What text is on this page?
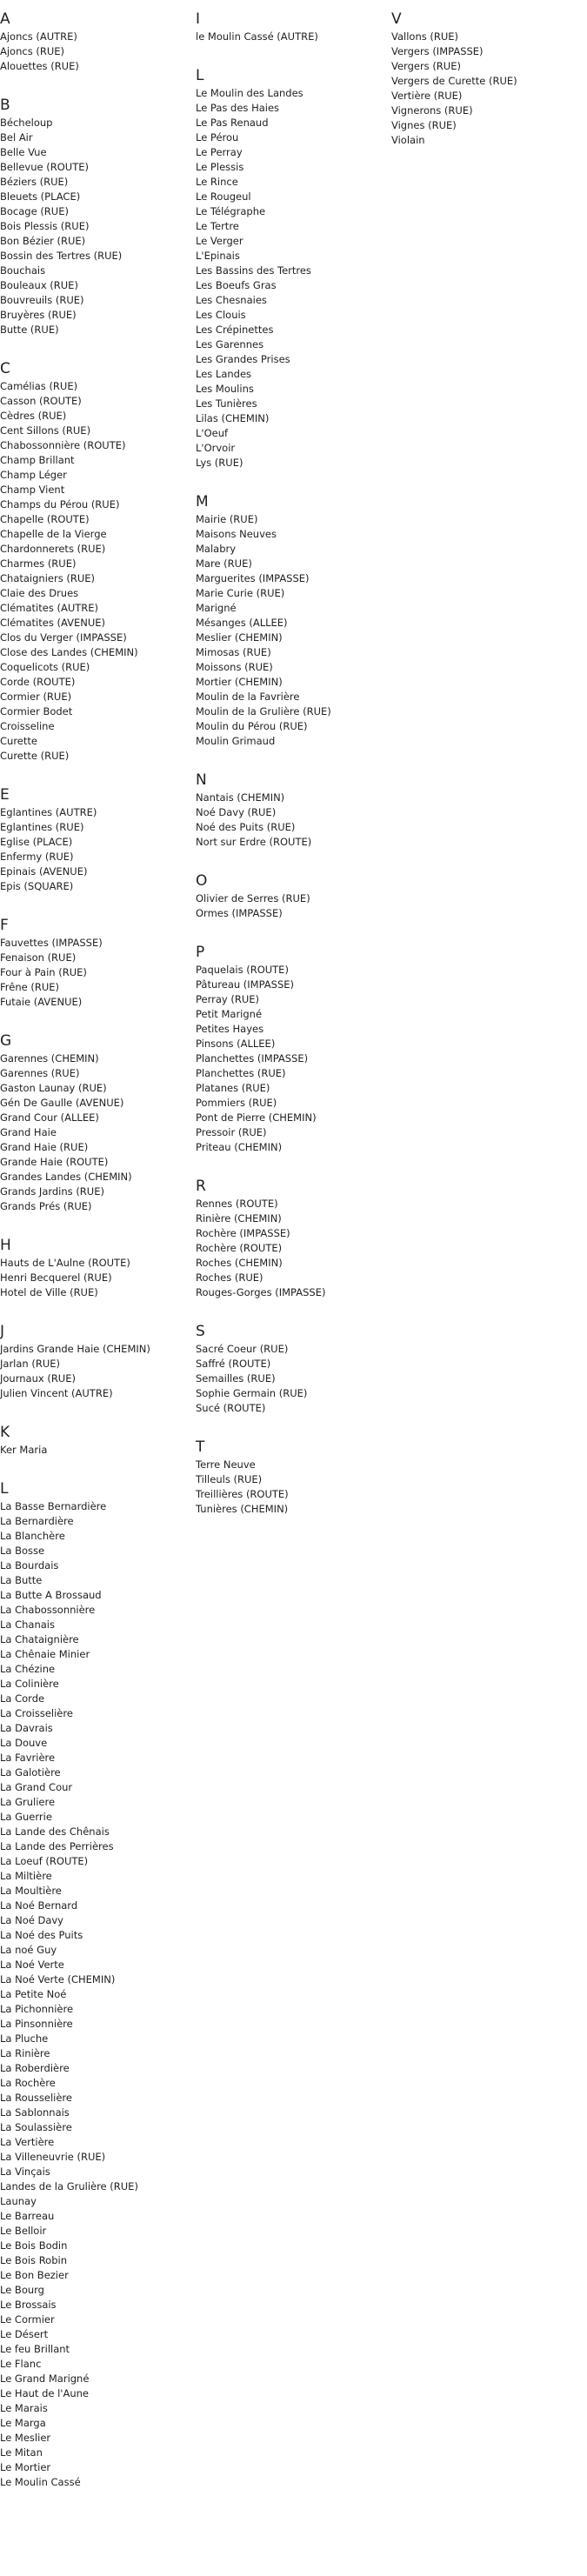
A
Ajoncs (AUTRE)
Ajoncs (RUE)
Alouettes (RUE)
B
Bécheloup
Bel Air
Belle Vue
Bellevue (ROUTE)
Béziers (RUE)
Bleuets (PLACE)
Bocage (RUE)
Bois Plessis (RUE)
Bon Bézier (RUE)
Bossin des Tertres (RUE)
Bouchais
Bouleaux (RUE)
Bouvreuils (RUE)
Bruyères (RUE)
Butte (RUE)
C
Camélias (RUE)
Casson (ROUTE)
Cèdres (RUE)
Cent Sillons (RUE)
Chabossonnière (ROUTE)
Champ Brillant
Champ Léger
Champ Vient
Champs du Pérou (RUE)
Chapelle (ROUTE)
Chapelle de la Vierge
Chardonnerets (RUE)
Charmes (RUE)
Chataigniers (RUE)
Claie des Drues
Clématites (AUTRE)
Clématites (AVENUE)
Clos du Verger (IMPASSE)
Close des Landes (CHEMIN)
Coquelicots (RUE)
Corde (ROUTE)
Cormier (RUE)
Cormier Bodet
Croisseline
Curette
Curette (RUE)
E
Eglantines (AUTRE)
Eglantines (RUE)
Eglise (PLACE)
Enfermy (RUE)
Epinais (AVENUE)
Epis (SQUARE)
F
Fauvettes (IMPASSE)
Fenaison (RUE)
Four à Pain (RUE)
Frêne (RUE)
Futaie (AVENUE)
G
Garennes (CHEMIN)
Garennes (RUE)
Gaston Launay (RUE)
Gén De Gaulle (AVENUE)
Grand Cour (ALLEE)
Grand Haie
Grand Haie (RUE)
Grande Haie (ROUTE)
Grandes Landes (CHEMIN)
Grands Jardins (RUE)
Grands Prés (RUE)
H
Hauts de L'Aulne (ROUTE)
Henri Becquerel (RUE)
Hotel de Ville (RUE)
J
Jardins Grande Haie (CHEMIN)
Jarlan (RUE)
Journaux (RUE)
Julien Vincent (AUTRE)
K
Ker Maria
L
La Basse Bernardière
La Bernardière
La Blanchère
La Bosse
La Bourdais
La Butte
La Butte A Brossaud
La Chabossonnière
La Chanais
La Chataignière
La Chênaie Minier
La Chézine
La Colinière
La Corde
La Croisselière
La Davrais
La Douve
La Favrière
La Galotière
La Grand Cour
La Gruliere
La Guerrie
La Lande des Chênais
La Lande des Perrières
La Loeuf (ROUTE)
La Miltière
La Moultière
La Noé Bernard
La Noé Davy
La Noé des Puits
La noé Guy
La Noé Verte
La Noé Verte (CHEMIN)
La Petite Noé
La Pichonnière
La Pinsonnière
La Pluche
La Rinière
La Roberdière
La Rochère
La Rousselière
La Sablonnais
La Soulassière
La Vertière
La Villeneuvrie (RUE)
La Vinçais
Landes de la Grulière (RUE)
Launay
Le Barreau
Le Belloir
Le Bois Bodin
Le Bois Robin
Le Bon Bezier
Le Bourg
Le Brossais
Le Cormier
Le Désert
Le feu Brillant
Le Flanc
Le Grand Marigné
Le Haut de l'Aune
Le Marais
Le Marga
Le Meslier
Le Mitan
Le Mortier
Le Moulin Cassé
I
le Moulin Cassé (AUTRE)
L
Le Moulin des Landes
Le Pas des Haies
Le Pas Renaud
Le Pérou
Le Perray
Le Plessis
Le Rince
Le Rougeul
Le Télégraphe
Le Tertre
Le Verger
L'Epinais
Les Bassins des Tertres
Les Boeufs Gras
Les Chesnaies
Les Clouis
Les Crépinettes
Les Garennes
Les Grandes Prises
Les Landes
Les Moulins
Les Tunières
Lilas (CHEMIN)
L'Oeuf
L'Orvoir
Lys (RUE)
M
Mairie (RUE)
Maisons Neuves
Malabry
Mare (RUE)
Marguerites (IMPASSE)
Marie Curie (RUE)
Marigné
Mésanges (ALLEE)
Meslier (CHEMIN)
Mimosas (RUE)
Moissons (RUE)
Mortier (CHEMIN)
Moulin de la Favrière
Moulin de la Grulière (RUE)
Moulin du Pérou (RUE)
Moulin Grimaud
N
Nantais (CHEMIN)
Noé Davy (RUE)
Noé des Puits (RUE)
Nort sur Erdre (ROUTE)
O
Olivier de Serres (RUE)
Ormes (IMPASSE)
P
Paquelais (ROUTE)
Pâtureau (IMPASSE)
Perray (RUE)
Petit Marigné
Petites Hayes
Pinsons (ALLEE)
Planchettes (IMPASSE)
Planchettes (RUE)
Platanes (RUE)
Pommiers (RUE)
Pont de Pierre (CHEMIN)
Pressoir (RUE)
Priteau (CHEMIN)
R
Rennes (ROUTE)
Rinière (CHEMIN)
Rochère (IMPASSE)
Rochère (ROUTE)
Roches (CHEMIN)
Roches (RUE)
Rouges-Gorges (IMPASSE)
S
Sacré Coeur (RUE)
Saffré (ROUTE)
Semailles (RUE)
Sophie Germain (RUE)
Sucé (ROUTE)
T
Terre Neuve
Tilleuls (RUE)
Treillières (ROUTE)
Tunières (CHEMIN)
V
Vallons (RUE)
Vergers (IMPASSE)
Vergers (RUE)
Vergers de Curette (RUE)
Vertière (RUE)
Vignerons (RUE)
Vignes (RUE)
Violain
